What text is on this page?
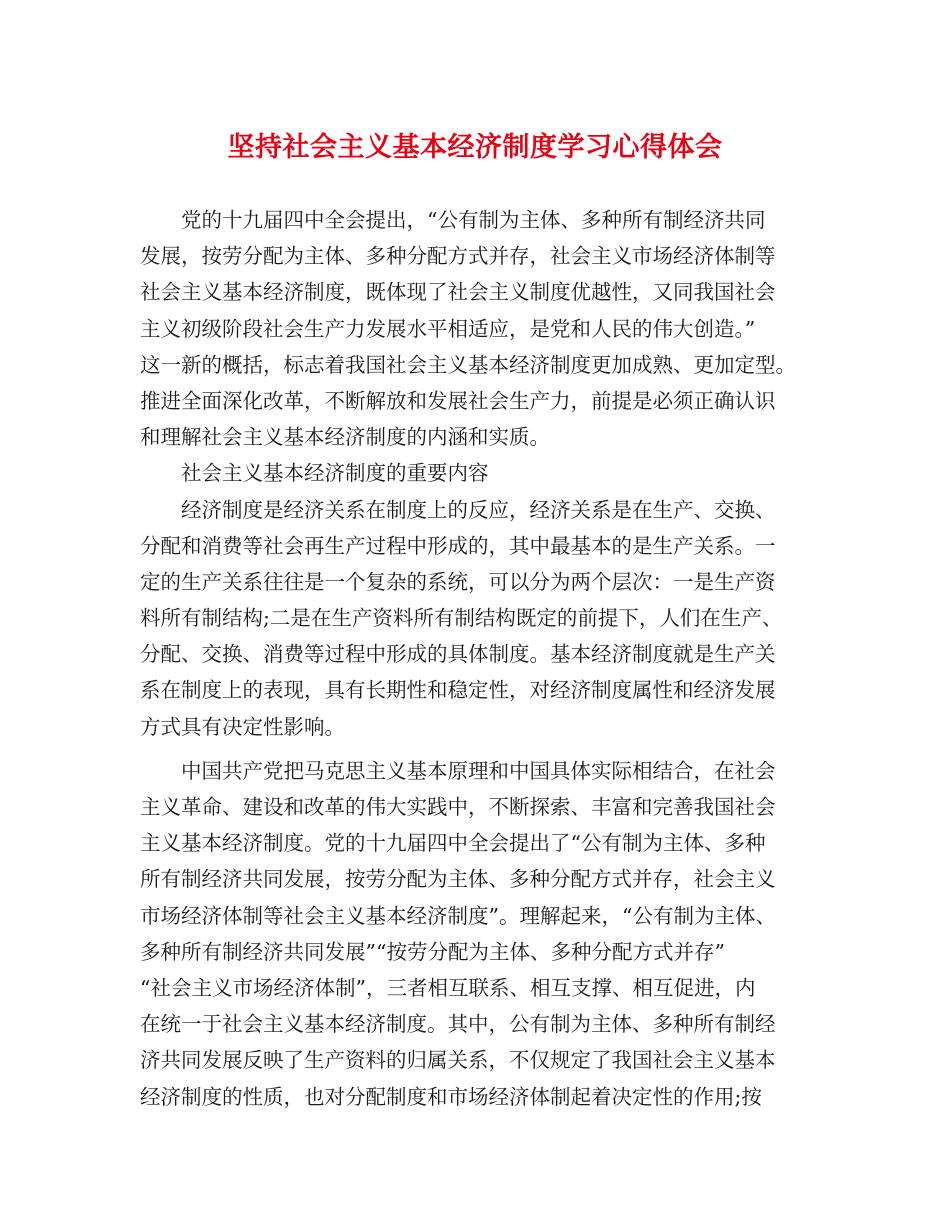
坚持社会主义基本经济制度学习心得体会
党的十九届四中全会提出，“公有制为主体、多种所有制经济共同
发展，按劳分配为主体、多种分配方式并存，社会主义市场经济体制等
社会主义基本经济制度，既体现了社会主义制度优越性，又同我国社会
主义初级阶段社会生产力发展水平相适应，是党和人民的伟大创造。”
这一新的概括，标志着我国社会主义基本经济制度更加成熟、更加定型。
推进全面深化改革，不断解放和发展社会生产力，前提是必须正确认识
和理解社会主义基本经济制度的内涵和实质。
社会主义基本经济制度的重要内容
经济制度是经济关系在制度上的反应，经济关系是在生产、交换、
分配和消费等社会再生产过程中形成的，其中最基本的是生产关系。一
定的生产关系往往是一个复杂的系统，可以分为两个层次：一是生产资
料所有制结构;二是在生产资料所有制结构既定的前提下，人们在生产、
分配、交换、消费等过程中形成的具体制度。基本经济制度就是生产关
系在制度上的表现，具有长期性和稳定性，对经济制度属性和经济发展
方式具有决定性影响。
中国共产党把马克思主义基本原理和中国具体实际相结合，在社会
主义革命、建设和改革的伟大实践中，不断探索、丰富和完善我国社会
主义基本经济制度。党的十九届四中全会提出了“公有制为主体、多种
所有制经济共同发展，按劳分配为主体、多种分配方式并存，社会主义
市场经济体制等社会主义基本经济制度”。理解起来，“公有制为主体、
多种所有制经济共同发展”“按劳分配为主体、多种分配方式并存”
“社会主义市场经济体制”，三者相互联系、相互支撑、相互促进，内
在统一于社会主义基本经济制度。其中，公有制为主体、多种所有制经
济共同发展反映了生产资料的归属关系，不仅规定了我国社会主义基本
经济制度的性质，也对分配制度和市场经济体制起着决定性的作用;按
